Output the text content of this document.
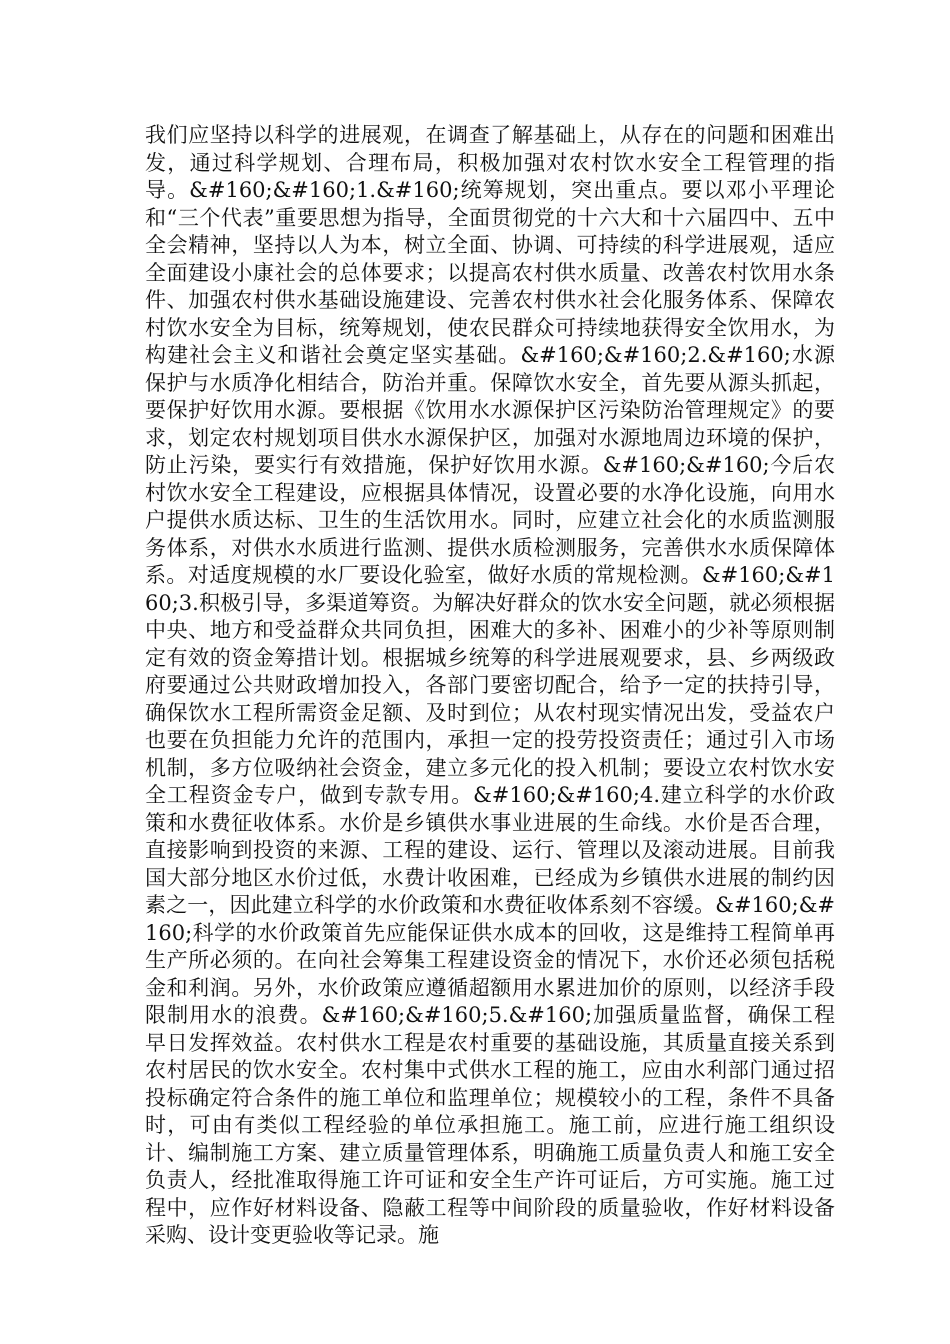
我们应坚持以科学的进展观，在调查了解基础上，从存在的问题和困难出发，通过科学规划、合理布局，积极加强对农村饮水安全工程管理的指导。&#160;&#160;1.&#160;统筹规划，突出重点。要以邓小平理论和“三个代表”重要思想为指导，全面贯彻党的十六大和十六届四中、五中全会精神，坚持以人为本，树立全面、协调、可持续的科学进展观，适应全面建设小康社会的总体要求；以提高农村供水质量、改善农村饮用水条件、加强农村供水基础设施建设、完善农村供水社会化服务体系、保障农村饮水安全为目标，统筹规划，使农民群众可持续地获得安全饮用水，为构建社会主义和谐社会奠定坚实基础。&#160;&#160;2.&#160;水源保护与水质净化相结合，防治并重。保障饮水安全，首先要从源头抓起，要保护好饮用水源。要根据《饮用水水源保护区污染防治管理规定》的要求，划定农村规划项目供水水源保护区，加强对水源地周边环境的保护，防止污染，要实行有效措施，保护好饮用水源。&#160;&#160;今后农村饮水安全工程建设，应根据具体情况，设置必要的水净化设施，向用水户提供水质达标、卫生的生活饮用水。同时，应建立社会化的水质监测服务体系，对供水水质进行监测、提供水质检测服务，完善供水水质保障体系。对适度规模的水厂要设化验室，做好水质的常规检测。&#160;&#160;3.积极引导，多渠道筹资。为解决好群众的饮水安全问题，就必须根据中央、地方和受益群众共同负担，困难大的多补、困难小的少补等原则制定有效的资金筹措计划。根据城乡统筹的科学进展观要求，县、乡两级政府要通过公共财政增加投入，各部门要密切配合，给予一定的扶持引导，确保饮水工程所需资金足额、及时到位；从农村现实情况出发，受益农户也要在负担能力允许的范围内，承担一定的投劳投资责任；通过引入市场机制，多方位吸纳社会资金，建立多元化的投入机制；要设立农村饮水安全工程资金专户，做到专款专用。&#160;&#160;4.建立科学的水价政策和水费征收体系。水价是乡镇供水事业进展的生命线。水价是否合理，直接影响到投资的来源、工程的建设、运行、管理以及滚动进展。目前我国大部分地区水价过低，水费计收困难，已经成为乡镇供水进展的制约因素之一，因此建立科学的水价政策和水费征收体系刻不容缓。&#160;&#160;科学的水价政策首先应能保证供水成本的回收，这是维持工程简单再生产所必须的。在向社会筹集工程建设资金的情况下，水价还必须包括税金和利润。另外，水价政策应遵循超额用水累进加价的原则，以经济手段限制用水的浪费。&#160;&#160;5.&#160;加强质量监督，确保工程早日发挥效益。农村供水工程是农村重要的基础设施，其质量直接关系到农村居民的饮水安全。农村集中式供水工程的施工，应由水利部门通过招投标确定符合条件的施工单位和监理单位；规模较小的工程，条件不具备时，可由有类似工程经验的单位承担施工。施工前，应进行施工组织设计、编制施工方案、建立质量管理体系，明确施工质量负责人和施工安全负责人，经批准取得施工许可证和安全生产许可证后，方可实施。施工过程中，应作好材料设备、隐蔽工程等中间阶段的质量验收，作好材料设备采购、设计变更验收等记录。施
